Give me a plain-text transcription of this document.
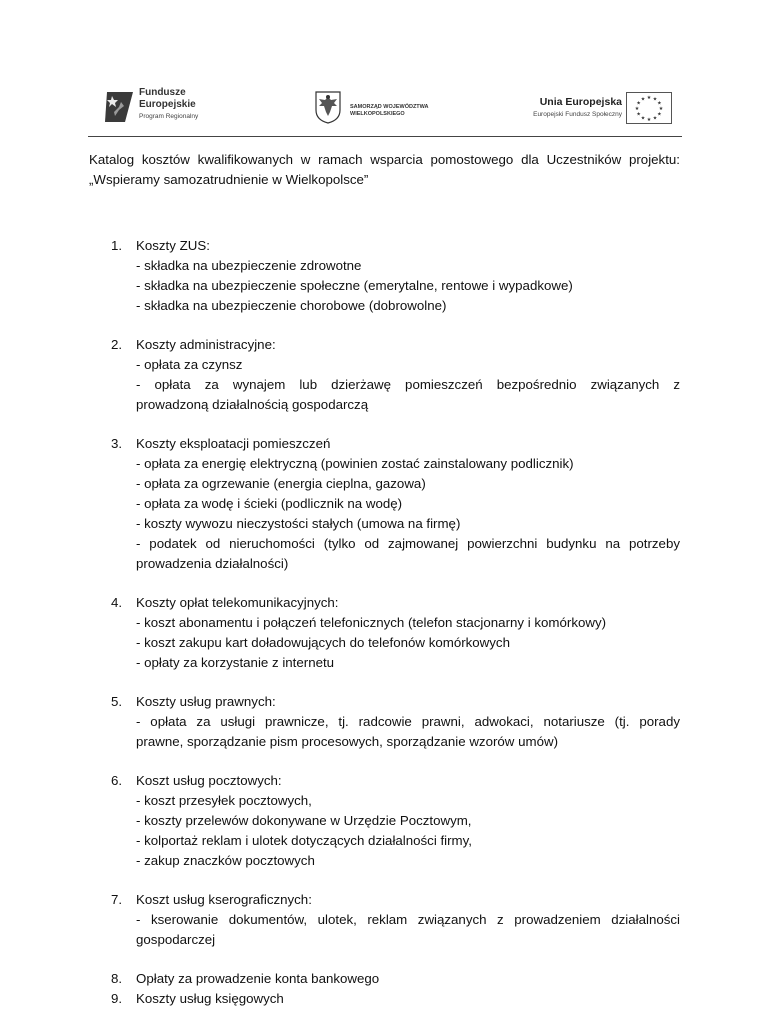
Fundusze
Europejskie
Program Regionalny
SAMORZĄD WOJEWÓDZTWA
WIELKOPOLSKIEGO
Unia Europejska
Europejski Fundusz Społeczny
★ ★
★
★
★
★
★
★
★
★
★
★

Katalog kosztów kwalifikowanych w ramach wsparcia pomostowego dla Uczestników projektu: „Wspieramy samozatrudnienie w Wielkopolsce”

1. Koszty ZUS:
- składka na ubezpieczenie zdrowotne
- składka na ubezpieczenie społeczne (emerytalne, rentowe i wypadkowe)
- składka na ubezpieczenie chorobowe (dobrowolne)
2. Koszty administracyjne:
- opłata za czynsz
- opłata za wynajem lub dzierżawę pomieszczeń bezpośrednio związanych z
prowadzoną działalnością gospodarczą
3. Koszty eksploatacji pomieszczeń
- opłata za energię elektryczną (powinien zostać zainstalowany podlicznik)
- opłata za ogrzewanie (energia cieplna, gazowa)
- opłata za wodę i ścieki (podlicznik na wodę)
- koszty wywozu nieczystości stałych (umowa na firmę)
- podatek od nieruchomości (tylko od zajmowanej powierzchni budynku na potrzeby
prowadzenia działalności)
4. Koszty opłat telekomunikacyjnych:
- koszt abonamentu i połączeń telefonicznych (telefon stacjonarny i komórkowy)
- koszt zakupu kart doładowujących do telefonów komórkowych
- opłaty za korzystanie z internetu
5. Koszty usług prawnych:
- opłata za usługi prawnicze, tj. radcowie prawni, adwokaci, notariusze (tj. porady
prawne, sporządzanie pism procesowych, sporządzanie wzorów umów)
6. Koszt usług pocztowych:
- koszt przesyłek pocztowych,
- koszty przelewów dokonywane w Urzędzie Pocztowym,
- kolportaż reklam i ulotek dotyczących działalności firmy,
- zakup znaczków pocztowych
7. Koszt usług kserograficznych:
- kserowanie dokumentów, ulotek, reklam związanych z prowadzeniem działalności
gospodarczej
8. Opłaty za prowadzenie konta bankowego
9. Koszty usług księgowych
